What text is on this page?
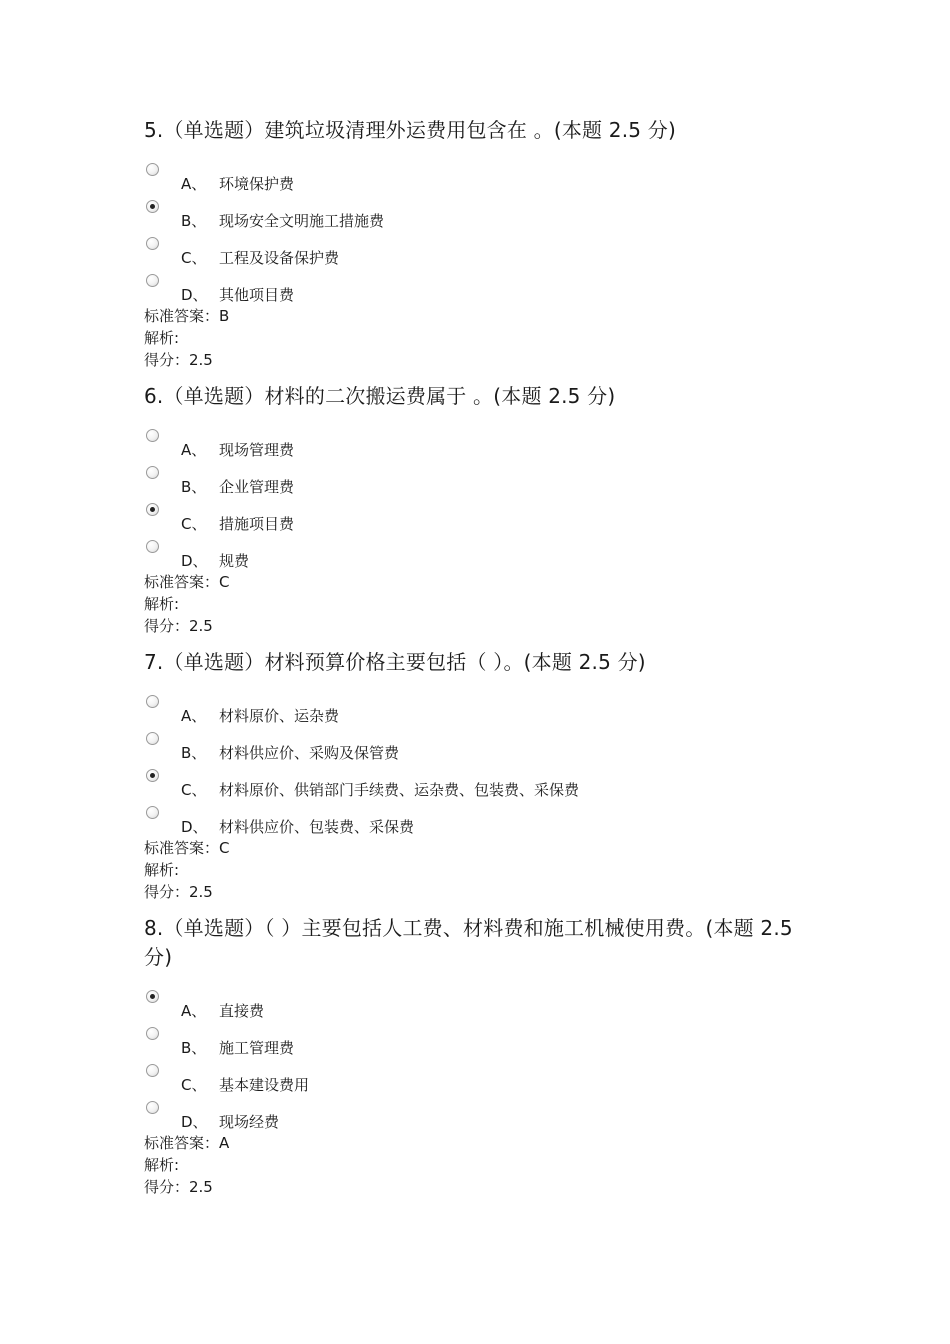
5.（单选题）建筑垃圾清理外运费用包含在 。(本题 2.5 分)
A、 环境保护费
B、 现场安全文明施工措施费
C、 工程及设备保护费
D、 其他项目费
标准答案：B
解析:
得分：2.5
6.（单选题）材料的二次搬运费属于 。(本题 2.5 分)
A、 现场管理费
B、 企业管理费
C、 措施项目费
D、 规费
标准答案：C
解析:
得分：2.5
7.（单选题）材料预算价格主要包括（ ）。(本题 2.5 分)
A、 材料原价、运杂费
B、 材料供应价、采购及保管费
C、 材料原价、供销部门手续费、运杂费、包装费、采保费
D、 材料供应价、包装费、采保费
标准答案：C
解析:
得分：2.5
8.（单选题）（ ）主要包括人工费、材料费和施工机械使用费。(本题 2.5 分)
A、 直接费
B、 施工管理费
C、 基本建设费用
D、 现场经费
标准答案：A
解析:
得分：2.5
